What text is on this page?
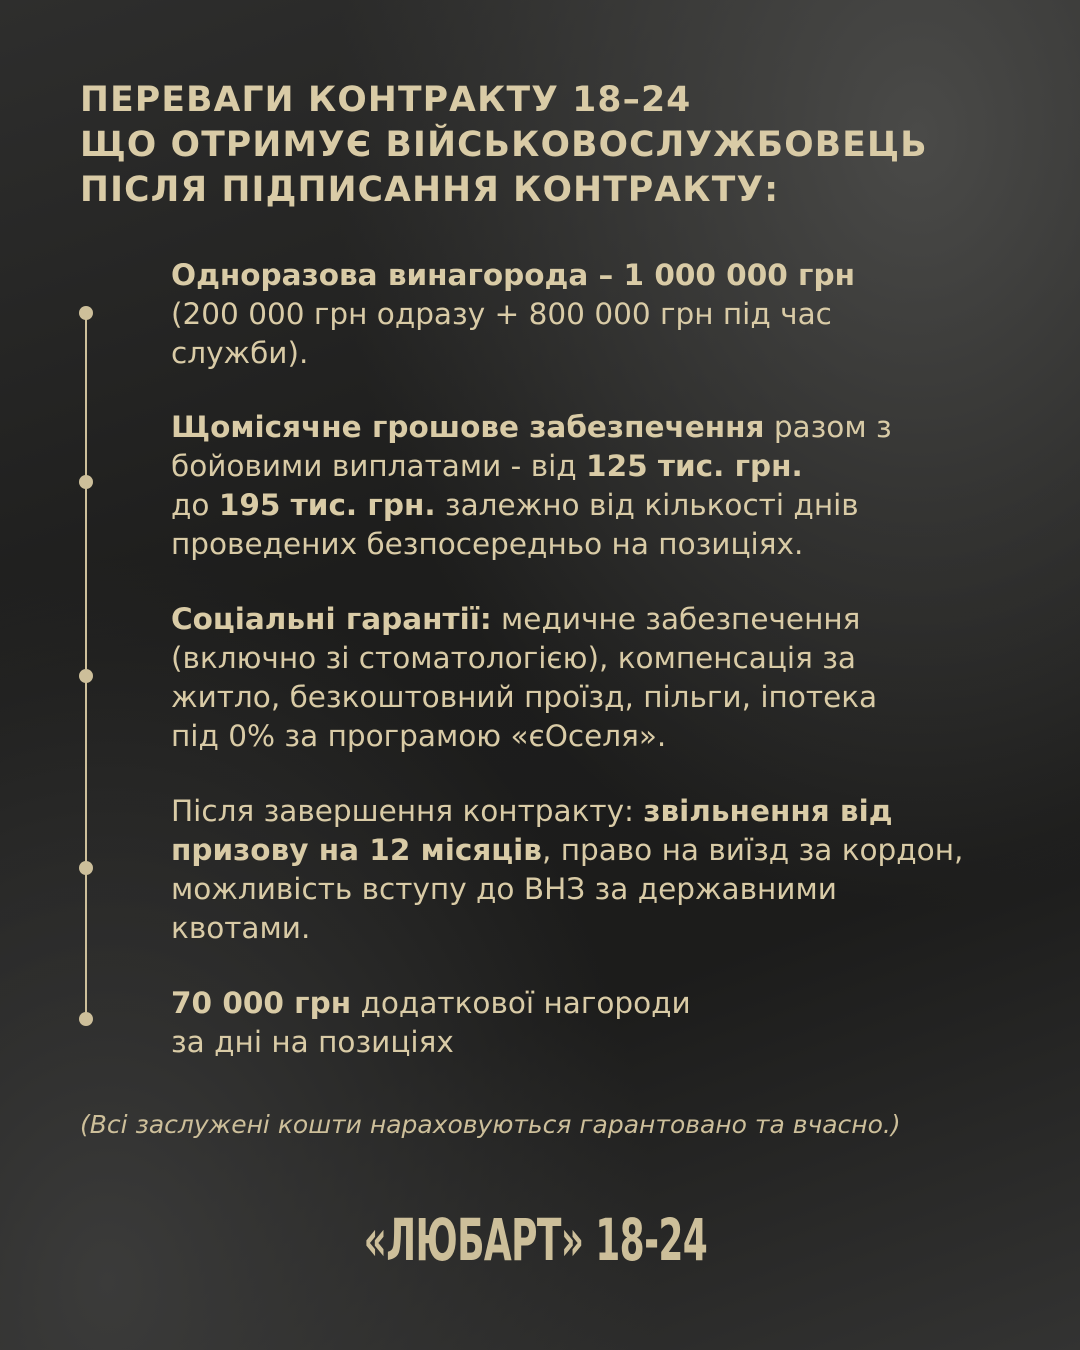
ПЕРЕВАГИ КОНТРАКТУ 18–24
ЩО ОТРИМУЄ ВІЙСЬКОВОСЛУЖБОВЕЦЬ
ПІСЛЯ ПІДПИСАННЯ КОНТРАКТУ:
Одноразова винагорода – 1 000 000 грн
(200 000 грн одразу + 800 000 грн під час
служби).
Щомісячне грошове забезпечення разом з
бойовими виплатами - від 125 тис. грн.
до 195 тис. грн. залежно від кількості днів
проведених безпосередньо на позиціях.
Соціальні гарантії: медичне забезпечення
(включно зі стоматологією), компенсація за
житло, безкоштовний проїзд, пільги, іпотека
під 0% за програмою «єОселя».
Після завершення контракту: звільнення від
призову на 12 місяців, право на виїзд за кордон,
можливість вступу до ВНЗ за державними
квотами.
70 000 грн додаткової нагороди
за дні на позиціях
(Всі заслужені кошти нараховуються гарантовано та вчасно.)
«ЛЮБАРТ» 18-24
